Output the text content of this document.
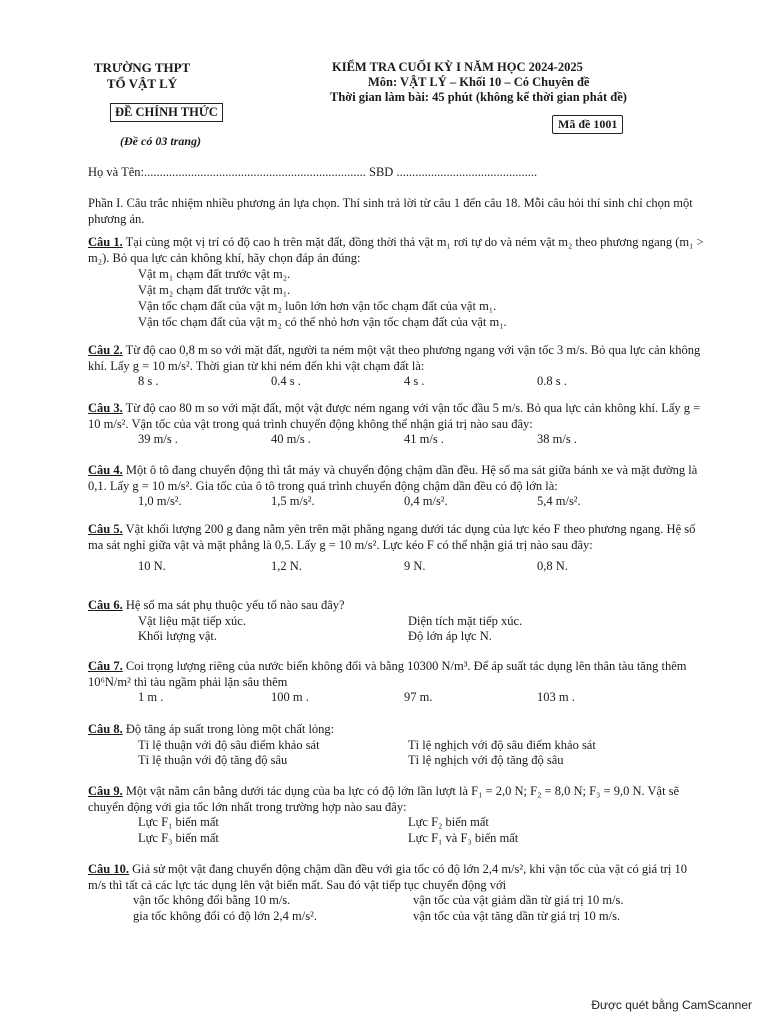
TRƯỜNG THPT
TỔ VẬT LÝ
ĐỀ CHÍNH THỨC
(Đề có 03 trang)
KIỂM TRA CUỐI KỲ I NĂM HỌC 2024-2025
Môn: VẬT LÝ – Khối 10 – Có Chuyên đề
Thời gian làm bài: 45 phút (không kể thời gian phát đề)
Mã đề 1001
Họ và Tên:....................................................................... SBD .............................................
Phần I. Câu trắc nhiệm nhiều phương án lựa chọn. Thí sinh trả lời từ câu 1 đến câu 18. Mỗi câu hỏi thí sinh chỉ chọn một phương án.
Câu 1. Tại cùng một vị trí có độ cao h trên mặt đất, đồng thời thả vật m₁ rơi tự do và ném vật m₂ theo phương ngang (m₁ > m₂). Bỏ qua lực cản không khí, hãy chọn đáp án đúng:
Vật m₁ chạm đất trước vật m₂.
Vật m₂ chạm đất trước vật m₁.
Vận tốc chạm đất của vật m₂ luôn lớn hơn vận tốc chạm đất của vật m₁.
Vận tốc chạm đất của vật m₂ có thể nhỏ hơn vận tốc chạm đất của vật m₁.
Câu 2. Từ độ cao 0,8 m so với mặt đất, người ta ném một vật theo phương ngang với vận tốc 3 m/s. Bỏ qua lực cản không khí. Lấy g = 10 m/s². Thời gian từ khi ném đến khi vật chạm đất là:
8 s .	0.4 s .	4 s .	0.8 s .
Câu 3. Từ độ cao 80 m so với mặt đất, một vật được ném ngang với vận tốc đầu 5 m/s. Bỏ qua lực cản không khí. Lấy g = 10 m/s². Vận tốc của vật trong quá trình chuyển động không thể nhận giá trị nào sau đây:
39 m/s .	40 m/s .	41 m/s .	38 m/s .
Câu 4. Một ô tô đang chuyển động thì tắt máy và chuyển động chậm dần đều. Hệ số ma sát giữa bánh xe và mặt đường là 0,1. Lấy g = 10 m/s². Gia tốc của ô tô trong quá trình chuyển động chậm dần đều có độ lớn là:
1,0 m/s².	1,5 m/s².	0,4 m/s².	5,4 m/s².
Câu 5. Vật khối lượng 200 g đang nằm yên trên mặt phẳng ngang dưới tác dụng của lực kéo F theo phương ngang. Hệ số ma sát nghỉ giữa vật và mặt phẳng là 0,5. Lấy g = 10 m/s². Lực kéo F có thể nhận giá trị nào sau đây:
10 N.	1,2 N.	9 N.	0,8 N.
Câu 6. Hệ số ma sát phụ thuộc yếu tố nào sau đây?
Vật liệu mặt tiếp xúc.	Diện tích mặt tiếp xúc.
Khối lượng vật.	Độ lớn áp lực N.
Câu 7. Coi trọng lượng riêng của nước biển không đổi và bằng 10300 N/m³. Để áp suất tác dụng lên thân tàu tăng thêm 10⁶N/m² thì tàu ngầm phải lặn sâu thêm
1 m .	100 m .	97 m.	103 m .
Câu 8. Độ tăng áp suất trong lòng một chất lỏng:
Tỉ lệ thuận với độ sâu điểm khảo sát	Tỉ lệ nghịch với độ sâu điểm khảo sát
Tỉ lệ thuận với độ tăng độ sâu	Tỉ lệ nghịch với độ tăng độ sâu
Câu 9. Một vật nằm cân bằng dưới tác dụng của ba lực có độ lớn lần lượt là F₁ = 2,0 N; F₂ = 8,0 N; F₃ = 9,0 N. Vật sẽ chuyển động với gia tốc lớn nhất trong trường hợp nào sau đây:
Lực F₁ biến mất	Lực F₂ biến mất
Lực F₃ biến mất	Lực F₁ và F₃ biến mất
Câu 10. Giả sử một vật đang chuyển động chậm dần đều với gia tốc có độ lớn 2,4 m/s², khi vận tốc của vật có giá trị 10 m/s thì tất cả các lực tác dụng lên vật biến mất. Sau đó vật tiếp tục chuyển động với
vận tốc không đổi bằng 10 m/s.	vận tốc của vật giảm dần từ giá trị 10 m/s.
gia tốc không đổi có độ lớn 2,4 m/s².	vận tốc của vật tăng dần từ giá trị 10 m/s.
Được quét bằng CamScanner
